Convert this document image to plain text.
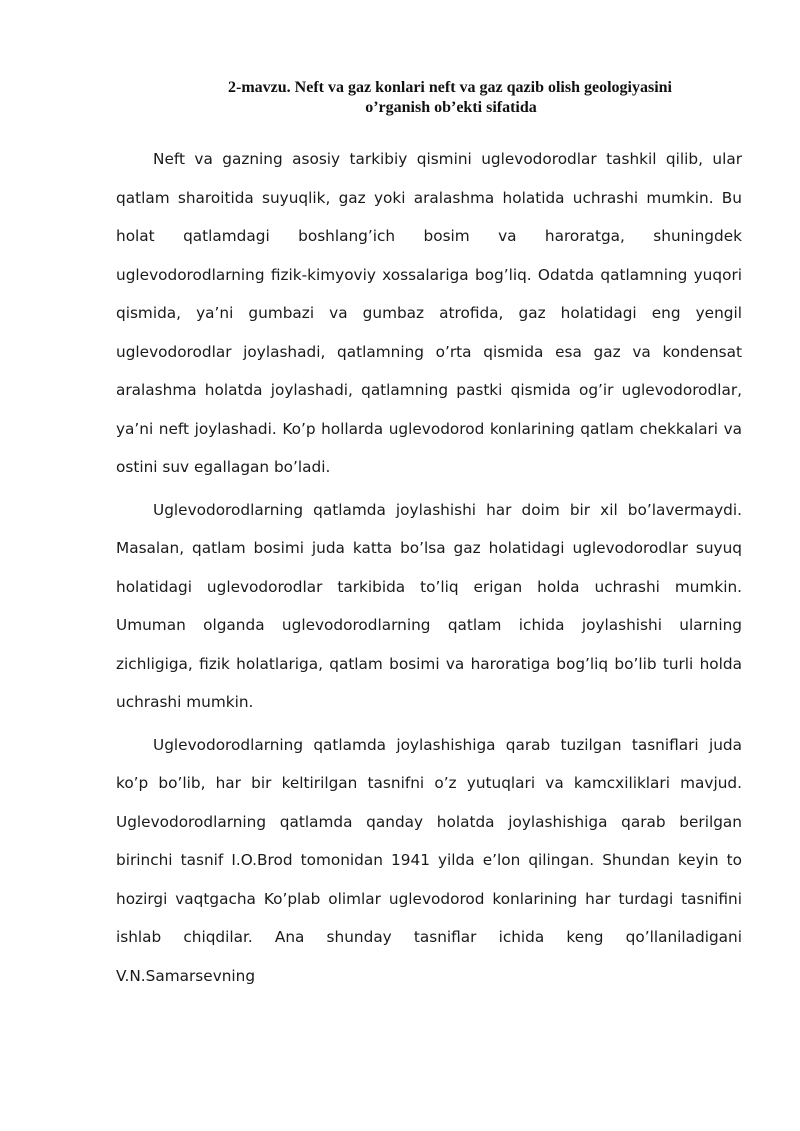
2-mavzu. Neft va gaz konlari neft va gaz qazib olish geologiyasini
o’rganish ob’ekti sifatida

Neft va gazning asosiy tarkibiy qismini uglevodorodlar tashkil qilib, ular qatlam sharoitida suyuqlik, gaz yoki aralashma holatida uchrashi mumkin. Bu holat qatlamdagi boshlang’ich bosim va haroratga, shuningdek uglevodorodlarning fizik-kimyoviy xossalariga bog’liq. Odatda qatlamning yuqori qismida, ya’ni gumbazi va gumbaz atrofida, gaz holatidagi eng yengil uglevodorodlar joylashadi, qatlamning o’rta qismida esa gaz va kondensat aralashma holatda joylashadi, qatlamning pastki qismida og’ir uglevodorodlar, ya’ni neft joylashadi. Ko’p hollarda uglevodorod konlarining qatlam chekkalari va ostini suv egallagan bo’ladi.

Uglevodorodlarning qatlamda joylashishi har doim bir xil bo’lavermaydi. Masalan, qatlam bosimi juda katta bo’lsa gaz holatidagi uglevodorodlar suyuq holatidagi uglevodorodlar tarkibida to’liq erigan holda uchrashi mumkin. Umuman olganda uglevodorodlarning qatlam ichida joylashishi ularning zichligiga, fizik holatlariga, qatlam bosimi va haroratiga bog’liq bo’lib turli holda uchrashi mumkin.

Uglevodorodlarning qatlamda joylashishiga qarab tuzilgan tasniflari juda ko’p bo’lib, har bir keltirilgan tasnifni o’z yutuqlari va kamcxiliklari mavjud. Uglevodorodlarning qatlamda qanday holatda joylashishiga qarab berilgan birinchi tasnif I.O.Brod tomonidan 1941 yilda e’lon qilingan. Shundan keyin to hozirgi vaqtgacha Ko’plab olimlar uglevodorod konlarining har turdagi tasnifini ishlab chiqdilar. Ana shunday tasniflar ichida keng qo’llaniladigani V.N.Samarsevning
